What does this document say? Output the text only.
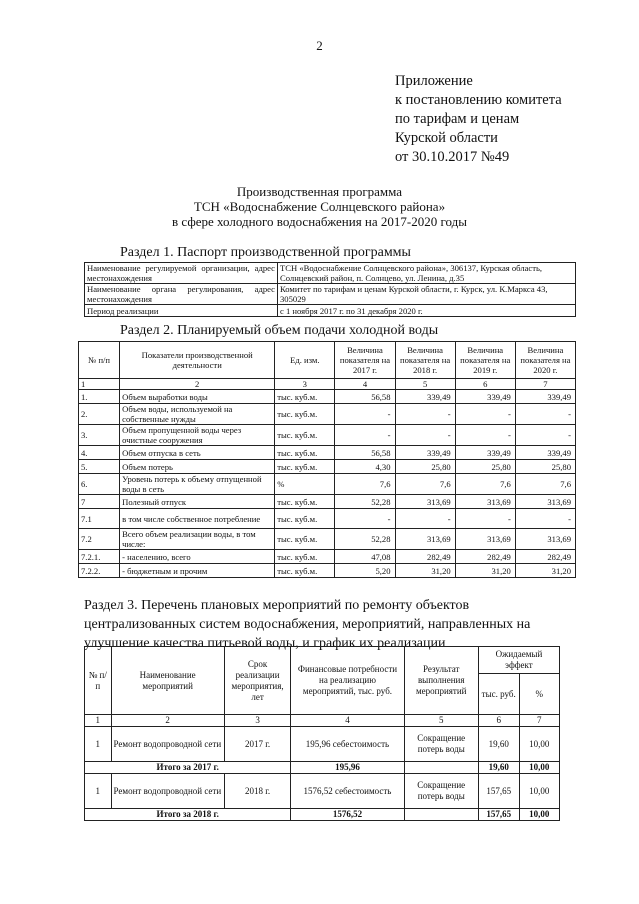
2
Приложение
к постановлению комитета
по тарифам и ценам
Курской области
от 30.10.2017 №49
Производственная программа
ТСН «Водоснабжение Солнцевского района»
в сфере холодного водоснабжения на 2017-2020 годы
Раздел 1. Паспорт производственной программы
Наименование регулируемой организации, адрес местонахождения	ТСН «Водоснабжение Солнцевского района», 306137, Курская область, Солнцевский район, п. Солнцево, ул. Ленина, д.35
Наименование органа регулирования, адрес местонахождения	Комитет по тарифам и ценам Курской области, г. Курск, ул. К.Маркса 43, 305029
Период реализации	с 1 ноября 2017 г. по 31 декабря 2020 г.
Раздел 2. Планируемый объем подачи холодной воды
№ п/п	Показатели производственной деятельности	Ед. изм.	Величина показателя на 2017 г.	Величина показателя на 2018 г.	Величина показателя на 2019 г.	Величина показателя на 2020 г.
1	2	3	4	5	6	7
1.	Объем выработки воды	тыс. куб.м.	56,58	339,49	339,49	339,49
2.	Объем воды, используемой на собственные нужды	тыс. куб.м.	-	-	-	-
3.	Объем пропущенной воды через очистные сооружения	тыс. куб.м.	-	-	-	-
4.	Объем отпуска в сеть	тыс. куб.м.	56,58	339,49	339,49	339,49
5.	Объем потерь	тыс. куб.м.	4,30	25,80	25,80	25,80
6.	Уровень потерь к объему отпущенной воды в сеть	%	7,6	7,6	7,6	7,6
7	Полезный отпуск	тыс. куб.м.	52,28	313,69	313,69	313,69
7.1	в том числе собственное потребление	тыс. куб.м.	-	-	-	-
7.2	Всего объем реализации воды, в том числе:	тыс. куб.м.	52,28	313,69	313,69	313,69
7.2.1.	- населению, всего	тыс. куб.м.	47,08	282,49	282,49	282,49
7.2.2.	- бюджетным и прочим	тыс. куб.м.	5,20	31,20	31,20	31,20
Раздел 3. Перечень плановых мероприятий по ремонту объектов
централизованных систем водоснабжения, мероприятий, направленных на
улучшение качества питьевой воды, и график их реализации
№ п/ п	Наименование мероприятий	Срок реализации мероприятия, лет	Финансовые потребности на реализацию мероприятий, тыс. руб.	Результат выполнения мероприятий	Ожидаемый эффект	
					тыс. руб.	%
1	2	3	4	5	6	7
1	Ремонт водопроводной сети	2017 г.	195,96 себестоимость	Сокращение потерь воды	19,60	10,00
Итого за 2017 г.			195,96		19,60	10,00
1	Ремонт водопроводной сети	2018 г.	1576,52 себестоимость	Сокращение потерь воды	157,65	10,00
Итого за 2018 г.			1576,52		157,65	10,00
